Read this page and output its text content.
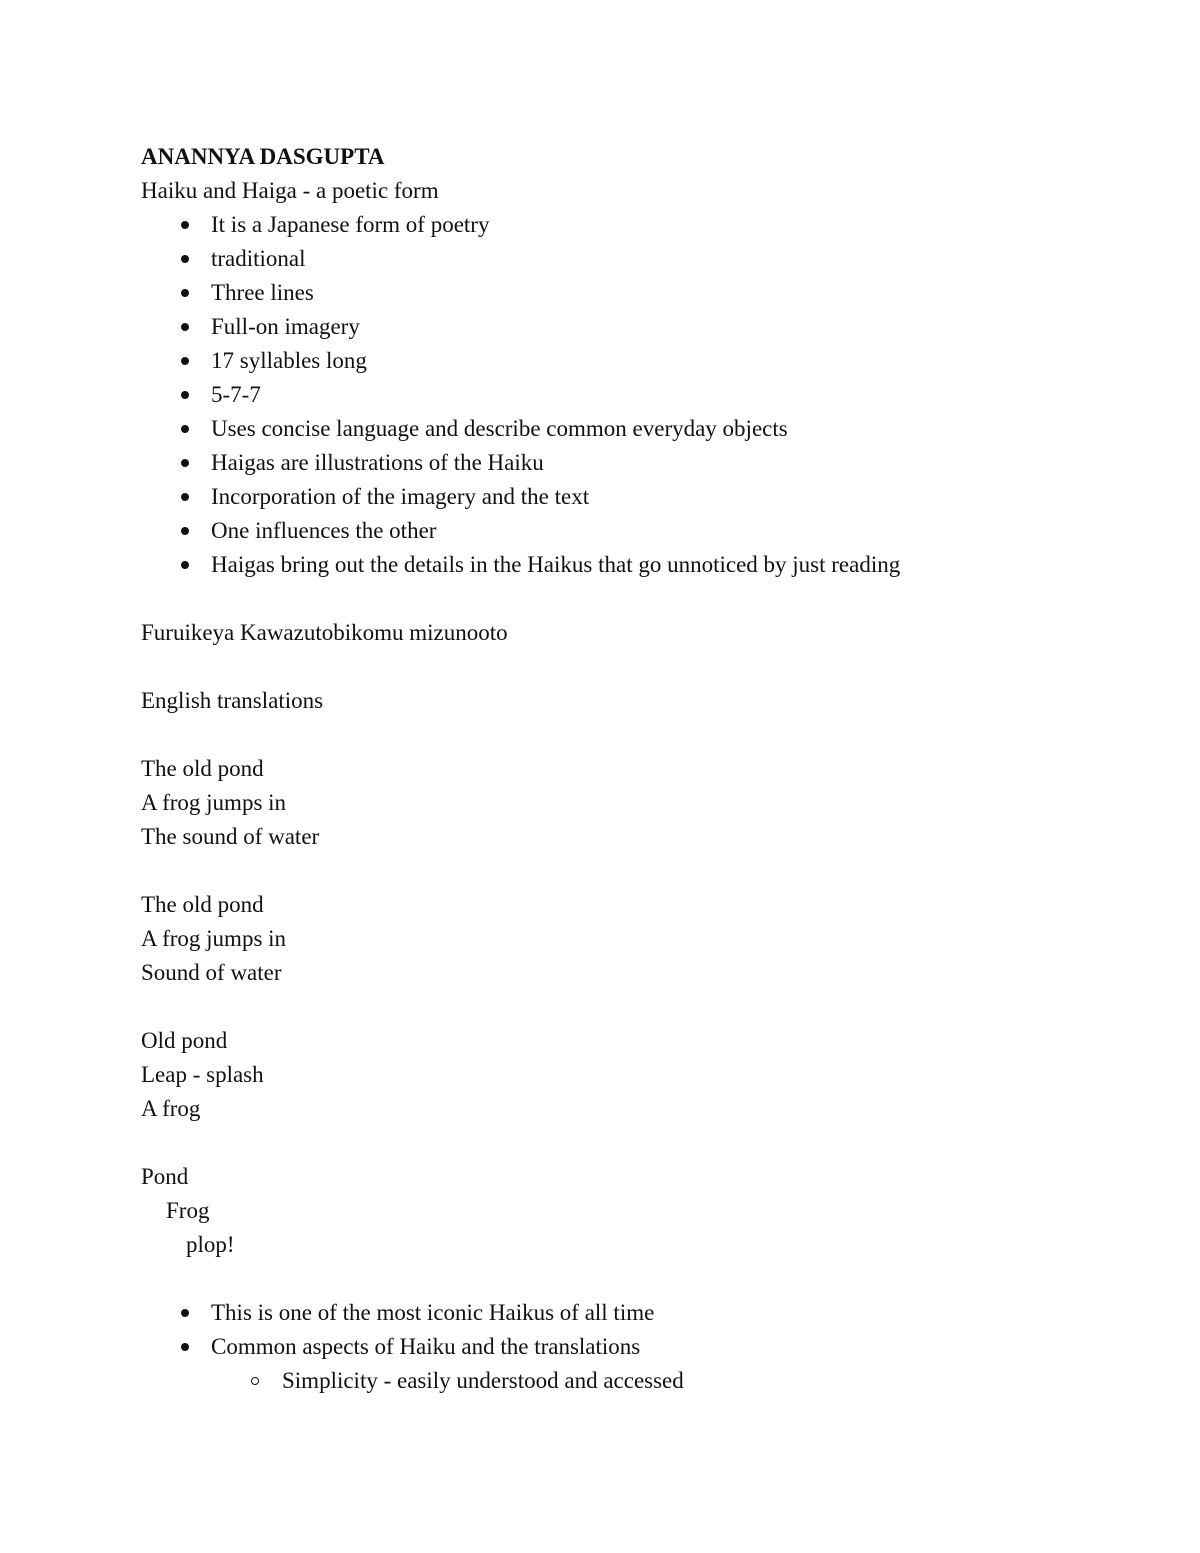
ANANNYA DASGUPTA

Haiku and Haiga - a poetic form

It is a Japanese form of poetry
traditional
Three lines
Full-on imagery
17 syllables long
5-7-7
Uses concise language and describe common everyday objects
Haigas are illustrations of the Haiku
Incorporation of the imagery and the text
One influences the other
Haigas bring out the details in the Haikus that go unnoticed by just reading

Furuikeya Kawazutobikomu mizunooto

English translations

The old pond

A frog jumps in

The sound of water

The old pond

A frog jumps in

Sound of water

Old pond

Leap - splash

A frog

Pond

Frog

plop!

This is one of the most iconic Haikus of all time
Common aspects of Haiku and the translations
Simplicity - easily understood and accessed
